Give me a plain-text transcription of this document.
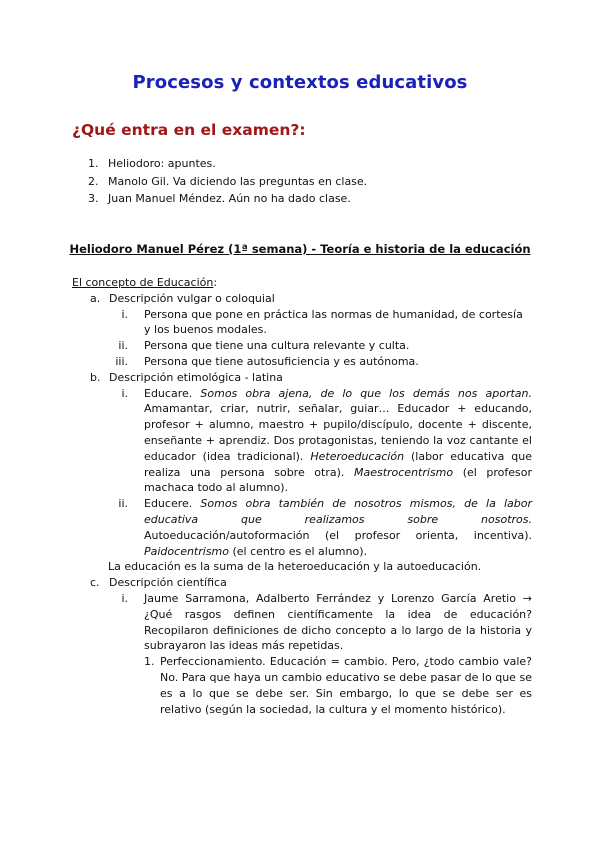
Procesos y contextos educativos
¿Qué entra en el examen?:
1. Heliodoro: apuntes.
2. Manolo Gil. Va diciendo las preguntas en clase.
3. Juan Manuel Méndez. Aún no ha dado clase.
Heliodoro Manuel Pérez (1ª semana) - Teoría e historia de la educación
El concepto de Educación:
a. Descripción vulgar o coloquial
i. Persona que pone en práctica las normas de humanidad, de cortesía y los buenos modales.
ii. Persona que tiene una cultura relevante y culta.
iii. Persona que tiene autosuficiencia y es autónoma.
b. Descripción etimológica - latina
i. Educare. Somos obra ajena, de lo que los demás nos aportan. Amamantar, criar, nutrir, señalar, guiar… Educador + educando, profesor + alumno, maestro + pupilo/discípulo, docente + discente, enseñante + aprendiz. Dos protagonistas, teniendo la voz cantante el educador (idea tradicional). Heteroeducación (labor educativa que realiza una persona sobre otra). Maestrocentrismo (el profesor machaca todo al alumno).
ii. Educere. Somos obra también de nosotros mismos, de la labor educativa que realizamos sobre nosotros. Autoeducación/autoformación (el profesor orienta, incentiva). Paidocentrismo (el centro es el alumno).
La educación es la suma de la heteroeducación y la autoeducación.
c. Descripción científica
i. Jaume Sarramona, Adalberto Ferrández y Lorenzo García Aretio → ¿Qué rasgos definen científicamente la idea de educación? Recopilaron definiciones de dicho concepto a lo largo de la historia y subrayaron las ideas más repetidas.
1. Perfeccionamiento. Educación = cambio. Pero, ¿todo cambio vale? No. Para que haya un cambio educativo se debe pasar de lo que se es a lo que se debe ser. Sin embargo, lo que se debe ser es relativo (según la sociedad, la cultura y el momento histórico).
